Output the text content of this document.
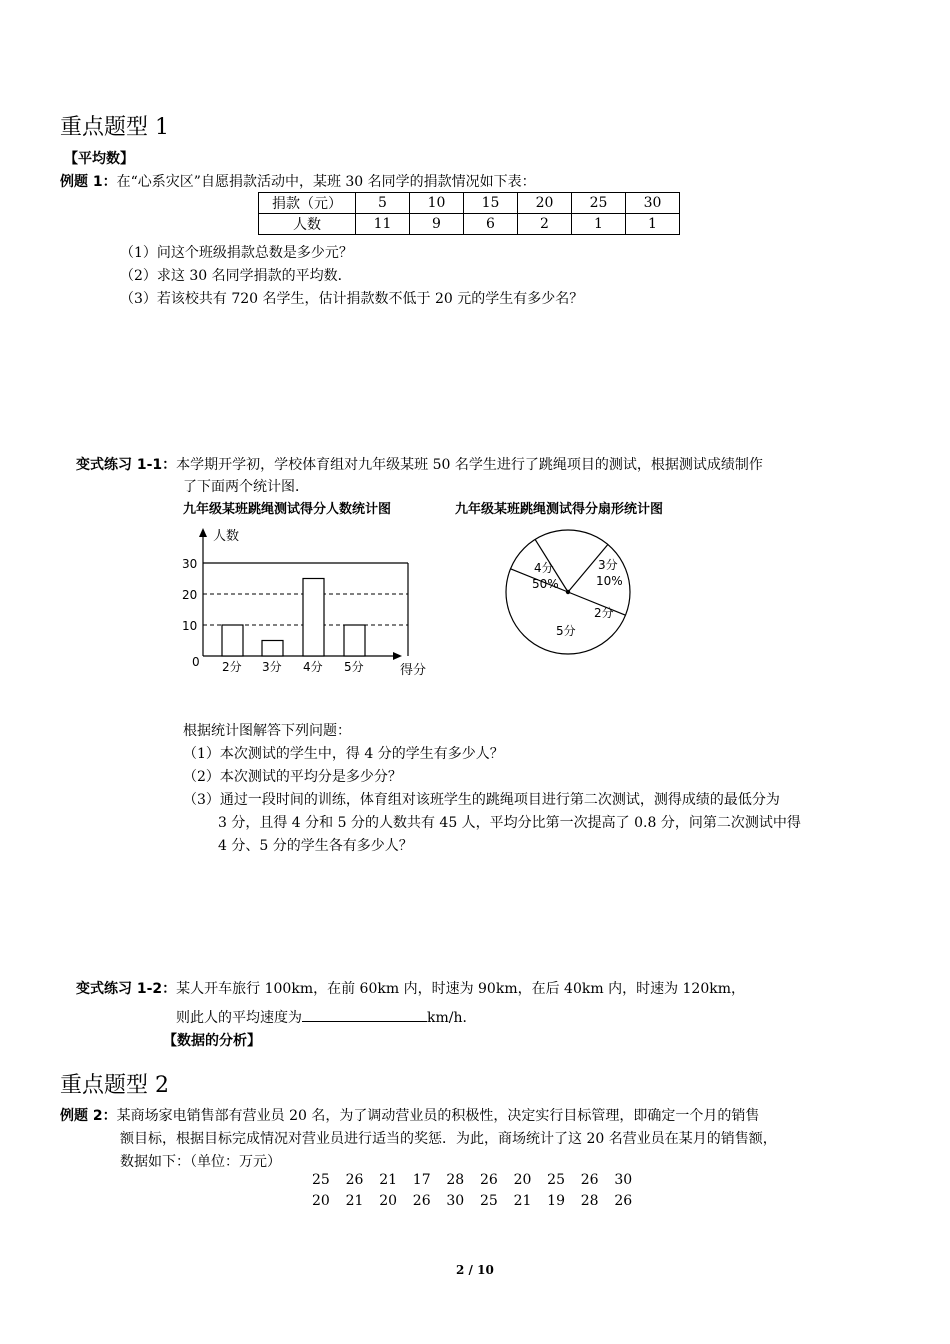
重点题型 1
【平均数】
例题 1：在“心系灾区”自愿捐款活动中，某班 30 名同学的捐款情况如下表：
捐款（元）	5	10	15	20	25	30
人数	11	9	6	2	1	1
（1）问这个班级捐款总数是多少元？
（2）求这 30 名同学捐款的平均数．
（3）若该校共有 720 名学生，估计捐款数不低于 20 元的学生有多少名？
变式练习 1-1：本学期开学初，学校体育组对九年级某班 50 名学生进行了跳绳项目的测试，根据测试成绩制作
了下面两个统计图．
九年级某班跳绳测试得分人数统计图
人数
30
20
10
0 2分 3分 4分 5分	得分
九年级某班跳绳测试得分扇形统计图
4分
50%
3分
10%
2分
5分
根据统计图解答下列问题：
（1）本次测试的学生中，得 4 分的学生有多少人？
（2）本次测试的平均分是多少分？
（3）通过一段时间的训练，体育组对该班学生的跳绳项目进行第二次测试，测得成绩的最低分为
3 分，且得 4 分和 5 分的人数共有 45 人，平均分比第一次提高了 0.8 分，问第二次测试中得
4 分、5 分的学生各有多少人？
变式练习 1-2：某人开车旅行 100km，在前 60km 内，时速为 90km，在后 40km 内，时速为 120km，
则此人的平均速度为	km/h．
【数据的分析】
重点题型 2
例题 2：某商场家电销售部有营业员 20 名，为了调动营业员的积极性，决定实行目标管理，即确定一个月的销售
额目标，根据目标完成情况对营业员进行适当的奖惩．为此，商场统计了这 20 名营业员在某月的销售额，
数据如下：（单位：万元）
25 26 21 17 28 26 20 25 26 30
20 21 20 26 30 25 21 19 28 26
2 / 10
